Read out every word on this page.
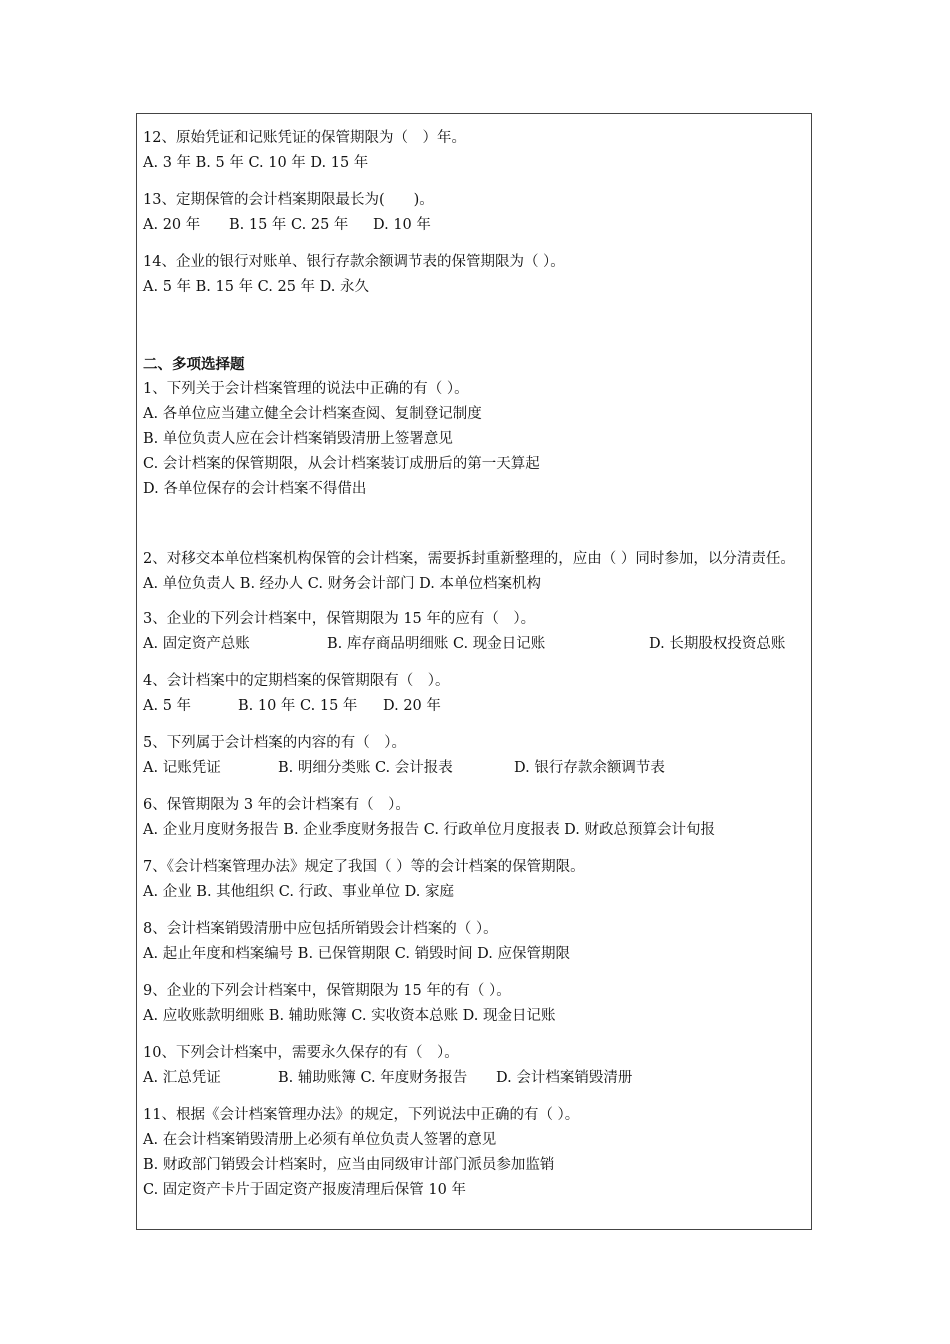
12、原始凭证和记账凭证的保管期限为（　）年。
A. 3 年 B. 5 年 C. 10 年 D. 15 年
13、定期保管的会计档案期限最长为(　　)。
A. 20 年 B. 15 年 C. 25 年 D. 10 年
14、企业的银行对账单、银行存款余额调节表的保管期限为（ ）。
A. 5 年 B. 15 年 C. 25 年 D. 永久
二、多项选择题
1、下列关于会计档案管理的说法中正确的有（ ）。
A. 各单位应当建立健全会计档案查阅、复制登记制度
B. 单位负责人应在会计档案销毁清册上签署意见
C. 会计档案的保管期限，从会计档案装订成册后的第一天算起
D. 各单位保存的会计档案不得借出
2、对移交本单位档案机构保管的会计档案，需要拆封重新整理的，应由（ ）同时参加，以分清责任。
A. 单位负责人 B. 经办人 C. 财务会计部门 D. 本单位档案机构
3、企业的下列会计档案中，保管期限为 15 年的应有（　）。
A. 固定资产总账	B. 库存商品明细账 C. 现金日记账	D. 长期股权投资总账
4、会计档案中的定期档案的保管期限有（　）。
A. 5 年	B. 10 年 C. 15 年 D. 20 年
5、下列属于会计档案的内容的有（　）。
A. 记账凭证	B. 明细分类账 C. 会计报表	D. 银行存款余额调节表
6、保管期限为 3 年的会计档案有（　）。
A. 企业月度财务报告 B. 企业季度财务报告 C. 行政单位月度报表 D. 财政总预算会计旬报
7、《会计档案管理办法》规定了我国（ ）等的会计档案的保管期限。
A. 企业 B. 其他组织 C. 行政、事业单位 D. 家庭
8、会计档案销毁清册中应包括所销毁会计档案的（ ）。
A. 起止年度和档案编号 B. 已保管期限 C. 销毁时间 D. 应保管期限
9、企业的下列会计档案中，保管期限为 15 年的有（ ）。
A. 应收账款明细账 B. 辅助账簿 C. 实收资本总账 D. 现金日记账
10、下列会计档案中，需要永久保存的有（　）。
A. 汇总凭证	B. 辅助账簿 C. 年度财务报告 D. 会计档案销毁清册
11、根据《会计档案管理办法》的规定，下列说法中正确的有（ ）。
A. 在会计档案销毁清册上必须有单位负责人签署的意见
B. 财政部门销毁会计档案时，应当由同级审计部门派员参加监销
C. 固定资产卡片于固定资产报废清理后保管 10 年
